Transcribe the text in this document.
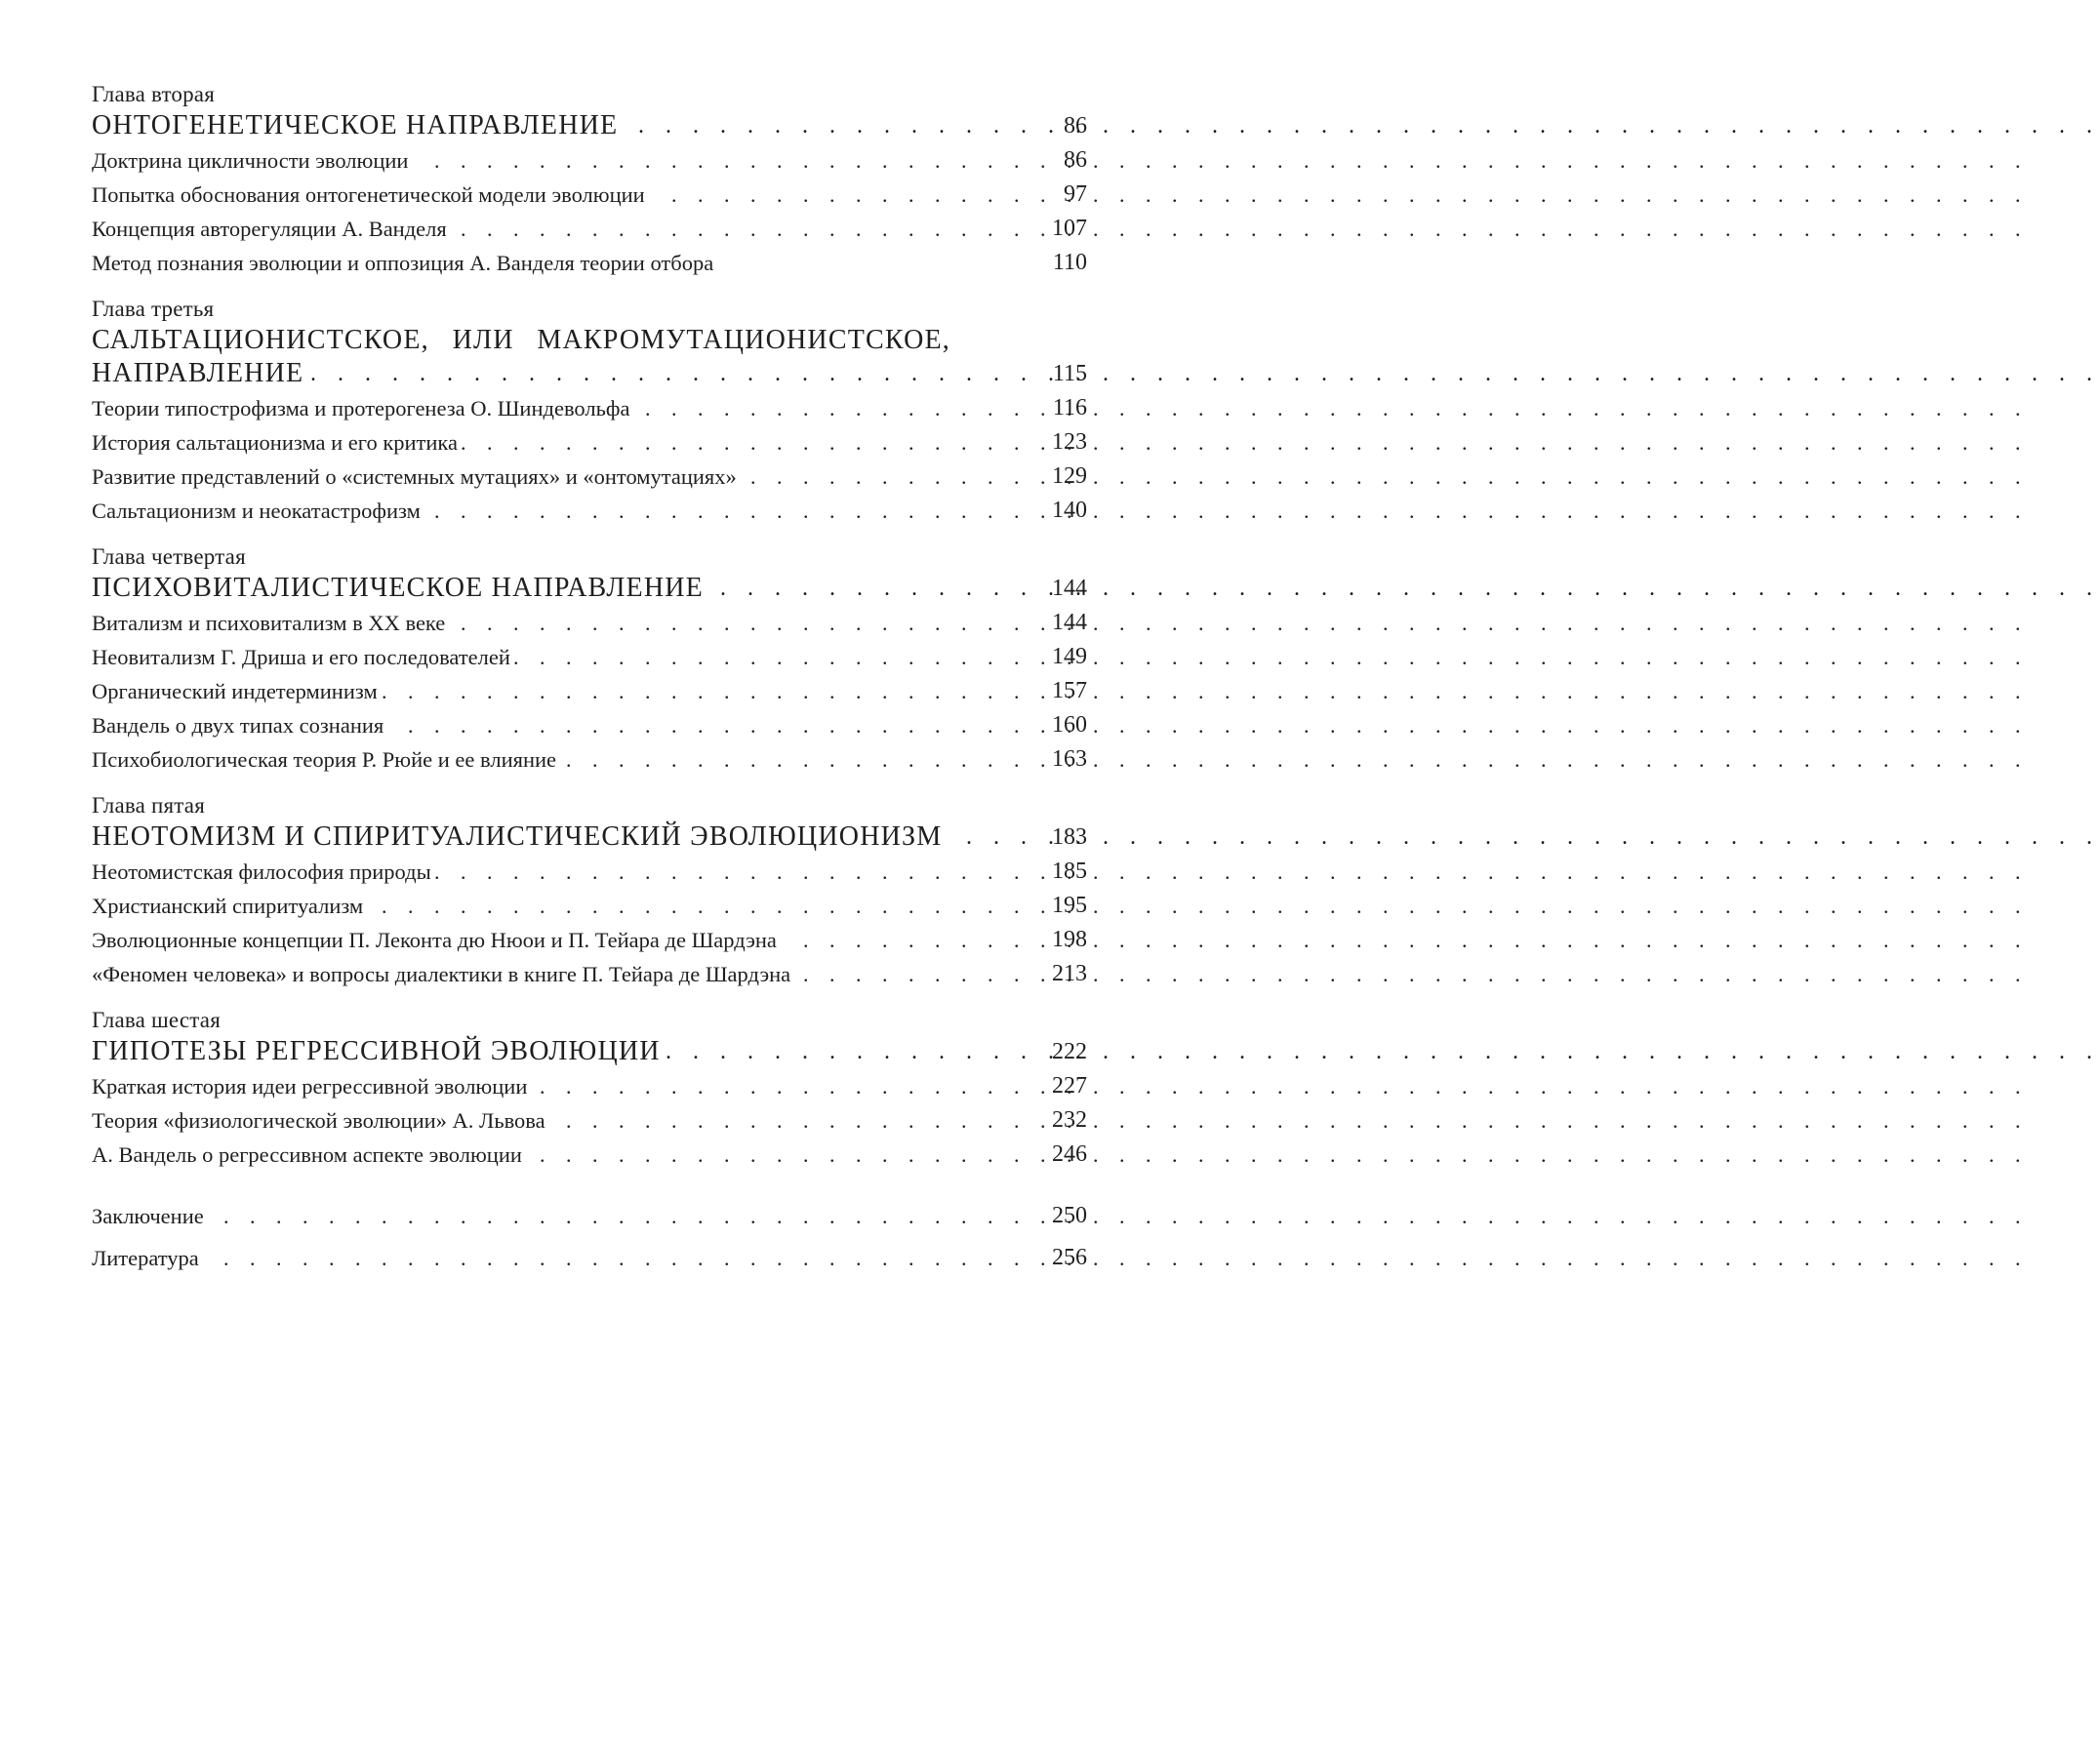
Глава вторая
ОНТОГЕНЕТИЧЕСКОЕ НАПРАВЛЕНИЕ . . .	86
Доктрина цикличности эволюции . . .	86
Попытка обоснования онтогенетической модели эволюции . . .	97
Концепция авторегуляции А. Ванделя . . .	107
Метод познания эволюции и оппозиция А. Ванделя теории отбора	110
Глава третья
САЛЬТАЦИОНИСТСКОЕ, ИЛИ МАКРОМУТАЦИОНИСТСКОЕ, НАПРАВЛЕНИЕ . . .	115
Теории типострофизма и протерогенеза О. Шиндевольфа . . .	116
История сальтационизма и его критика . . .	123
Развитие представлений о «системных мутациях» и «онтомутациях» . . .	129
Сальтационизм и неокатастрофизм . . .	140
Глава четвертая
ПСИХОВИТАЛИСТИЧЕСКОЕ НАПРАВЛЕНИЕ . . .	144
Витализм и психовитализм в XX веке . . .	144
Неовитализм Г. Дриша и его последователей . . .	149
Органический индетерминизм . . .	157
Вандель о двух типах сознания . . .	160
Психобиологическая теория Р. Рюйе и ее влияние . . .	163
Глава пятая
НЕОТОМИЗМ И СПИРИТУАЛИСТИЧЕСКИЙ ЭВОЛЮЦИОНИЗМ . . .	183
Неотомистская философия природы . . .	185
Христианский спиритуализм . . .	195
Эволюционные концепции П. Леконта дю Нюои и П. Тейара де Шардэна . . .	198
«Феномен человека» и вопросы диалектики в книге П. Тейара де Шардэна . . .	213
Глава шестая
ГИПОТЕЗЫ РЕГРЕССИВНОЙ ЭВОЛЮЦИИ . . .	222
Краткая история идеи регрессивной эволюции . . .	227
Теория «физиологической эволюции» А. Львова . . .	232
А. Вандель о регрессивном аспекте эволюции . . .	246
Заключение . . .	250
Литература . . .	256
